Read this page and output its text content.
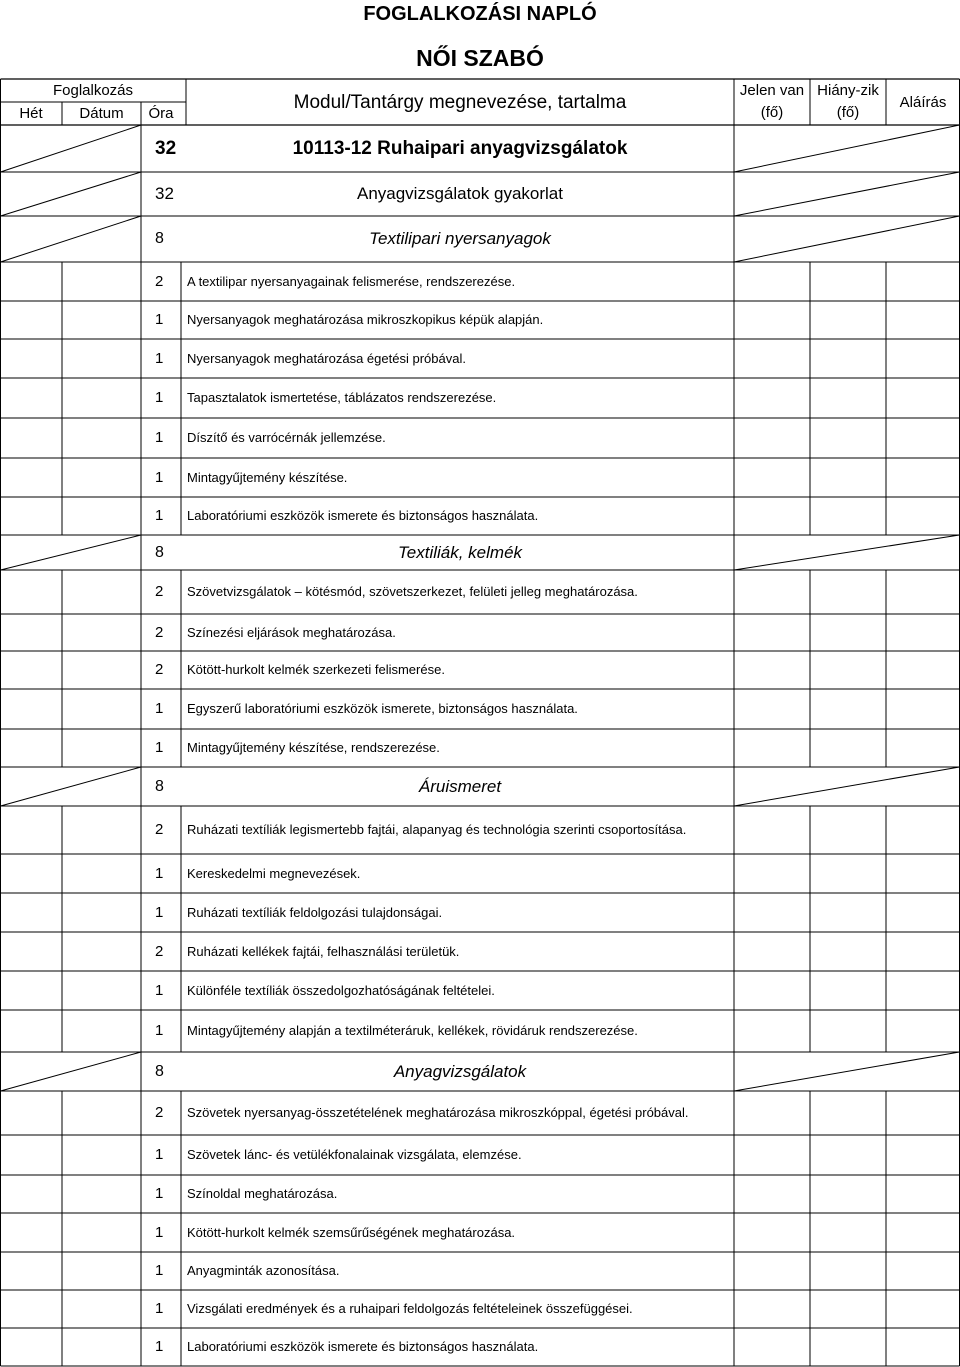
FOGLALKOZÁSI NAPLÓ
NŐI SZABÓ
Foglalkozás
Hét	Dátum	Óra
Modul/Tantárgy megnevezése, tartalma
Jelen van
(fő)
Hiány-zik
(fő)
Aláírás
32	10113-12 Ruhaipari anyagvizsgálatok
32	Anyagvizsgálatok gyakorlat
8	Textilipari nyersanyagok
2	A textilipar nyersanyagainak felismerése, rendszerezése.
1	Nyersanyagok meghatározása mikroszkopikus képük alapján.
1	Nyersanyagok meghatározása égetési próbával.
1	Tapasztalatok ismertetése, táblázatos rendszerezése.
1	Díszítő és varrócérnák jellemzése.
1	Mintagyűjtemény készítése.
1	Laboratóriumi eszközök ismerete és biztonságos használata.
8	Textiliák, kelmék
2	Szövetvizsgálatok – kötésmód, szövetszerkezet, felületi jelleg meghatározása.
2	Színezési eljárások meghatározása.
2	Kötött-hurkolt kelmék szerkezeti felismerése.
1	Egyszerű laboratóriumi eszközök ismerete, biztonságos használata.
1	Mintagyűjtemény készítése, rendszerezése.
8	Áruismeret
2	Ruházati textíliák legismertebb fajtái, alapanyag és technológia szerinti csoportosítása.
1	Kereskedelmi megnevezések.
1	Ruházati textíliák feldolgozási tulajdonságai.
2	Ruházati kellékek fajtái, felhasználási területük.
1	Különféle textíliák összedolgozhatóságának feltételei.
1	Mintagyűjtemény alapján a textilméteráruk, kellékek, rövidáruk rendszerezése.
8	Anyagvizsgálatok
2	Szövetek nyersanyag-összetételének meghatározása mikroszkóppal, égetési próbával.
1	Szövetek lánc- és vetülékfonalainak vizsgálata, elemzése.
1	Színoldal meghatározása.
1	Kötött-hurkolt kelmék szemsűrűségének meghatározása.
1	Anyagminták azonosítása.
1	Vizsgálati eredmények és a ruhaipari feldolgozás feltételeinek összefüggései.
1	Laboratóriumi eszközök ismerete és biztonságos használata.
